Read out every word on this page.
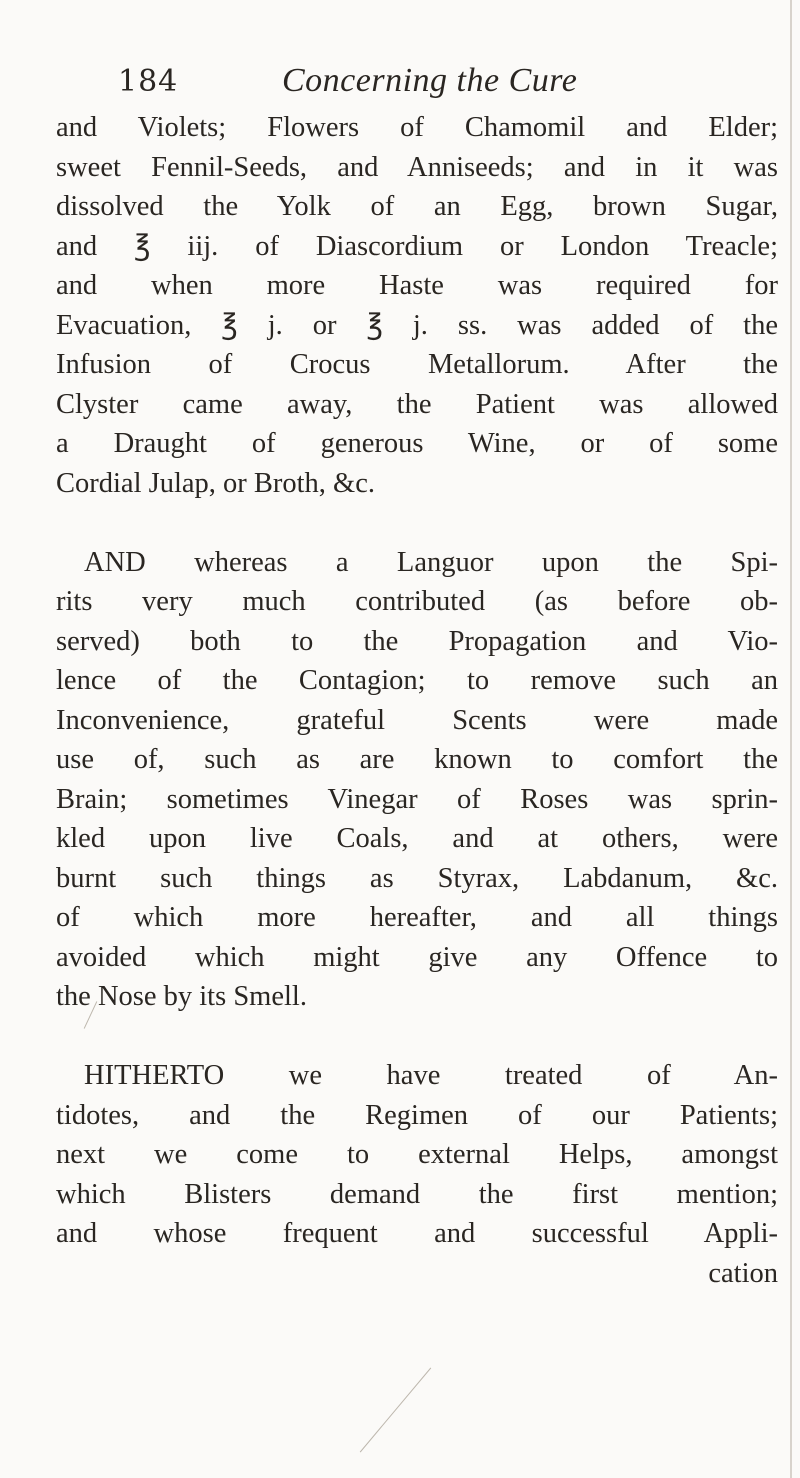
184	Concerning the Cure
and Violets; Flowers of Chamomil and Elder;
sweet Fennil-Seeds, and Anniseeds; and in it was
dissolved the Yolk of an Egg, brown Sugar,
and ℥ iij. of Diascordium or London Treacle;
and when more Haste was required for
Evacuation, ℥ j. or ℥ j. ss. was added of the
Infusion of Crocus Metallorum. After the
Clyster came away, the Patient was allowed
a Draught of generous Wine, or of some
Cordial Julap, or Broth, &c.
AND whereas a Languor upon the Spi-
rits very much contributed (as before ob-
served) both to the Propagation and Vio-
lence of the Contagion; to remove such an
Inconvenience, grateful Scents were made
use of, such as are known to comfort the
Brain; sometimes Vinegar of Roses was sprin-
kled upon live Coals, and at others, were
burnt such things as Styrax, Labdanum, &c.
of which more hereafter, and all things
avoided which might give any Offence to
the Nose by its Smell.
HITHERTO we have treated of An-
tidotes, and the Regimen of our Patients;
next we come to external Helps, amongst
which Blisters demand the first mention;
and whose frequent and successful Appli-
cation
